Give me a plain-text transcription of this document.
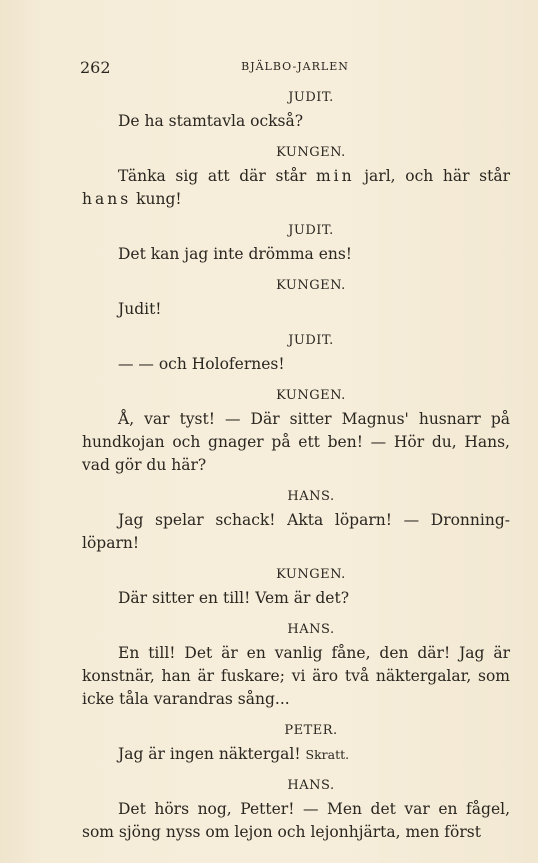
262	BJÄLBO-JARLEN
JUDIT.
De ha stamtavla också?
KUNGEN.
Tänka sig att där står min jarl, och här står hans kung!
JUDIT.
Det kan jag inte drömma ens!
KUNGEN.
Judit!
JUDIT.
— — och Holofernes!
KUNGEN.
Å, var tyst! — Där sitter Magnus' husnarr på hundkojan och gnager på ett ben! — Hör du, Hans, vad gör du här?
HANS.
Jag spelar schack! Akta löparn! — Dronning-löparn!
KUNGEN.
Där sitter en till! Vem är det?
HANS.
En till! Det är en vanlig fåne, den där! Jag är konstnär, han är fuskare; vi äro två näktergalar, som icke tåla varandras sång...
PETER.
Jag är ingen näktergal! Skratt.
HANS.
Det hörs nog, Petter! — Men det var en fågel, som sjöng nyss om lejon och lejonhjärta, men först
